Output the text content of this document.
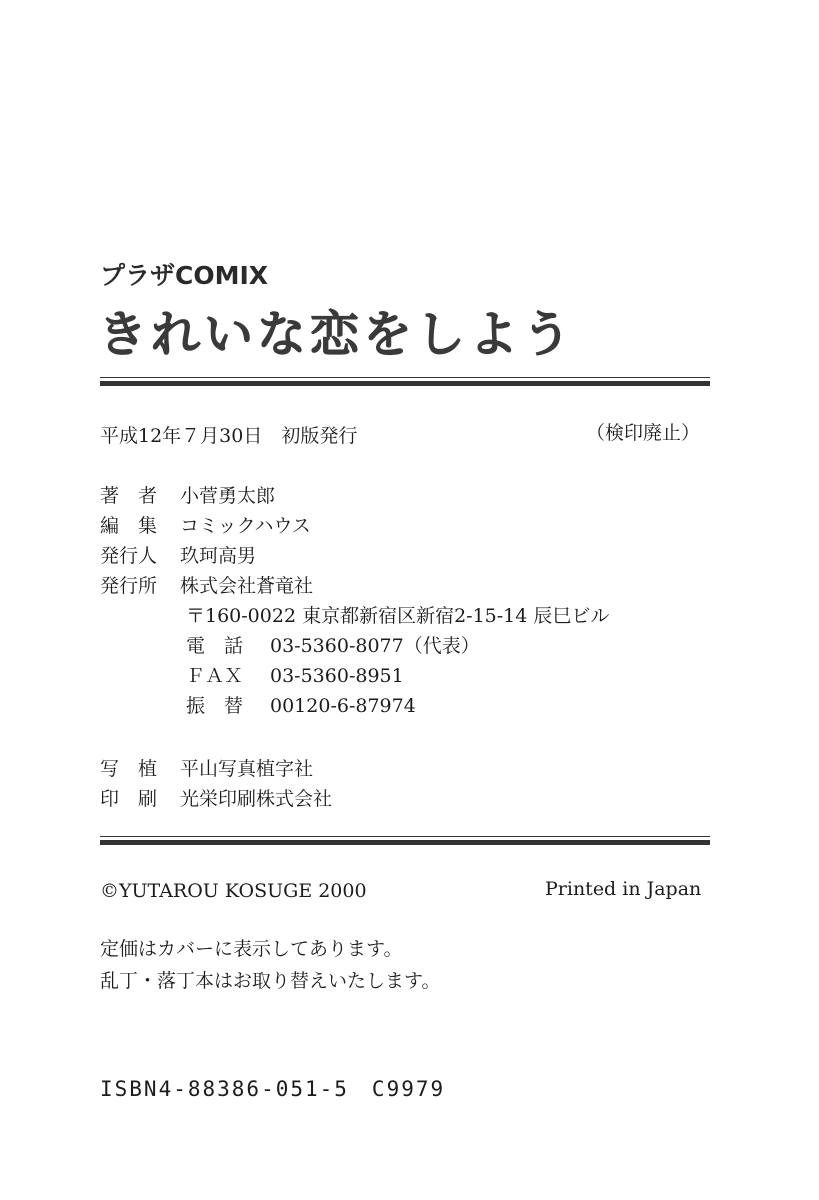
プラザCOMIX
きれいな恋をしよう
平成12年７月30日　初版発行	（検印廃止）
著　者 小菅勇太郎
編　集 コミックハウス
発行人 玖珂高男
発行所 株式会社蒼竜社
〒160-0022 東京都新宿区新宿2-15-14 辰巳ビル
電　話 03-5360-8077（代表）
ＦＡＸ 03-5360-8951
振　替 00120-6-87974
写　植 平山写真植字社
印　刷 光栄印刷株式会社
©YUTAROU KOSUGE 2000	Printed in Japan
定価はカバーに表示してあります。
乱丁・落丁本はお取り替えいたします。
ISBN4-88386-051-5　C9979
